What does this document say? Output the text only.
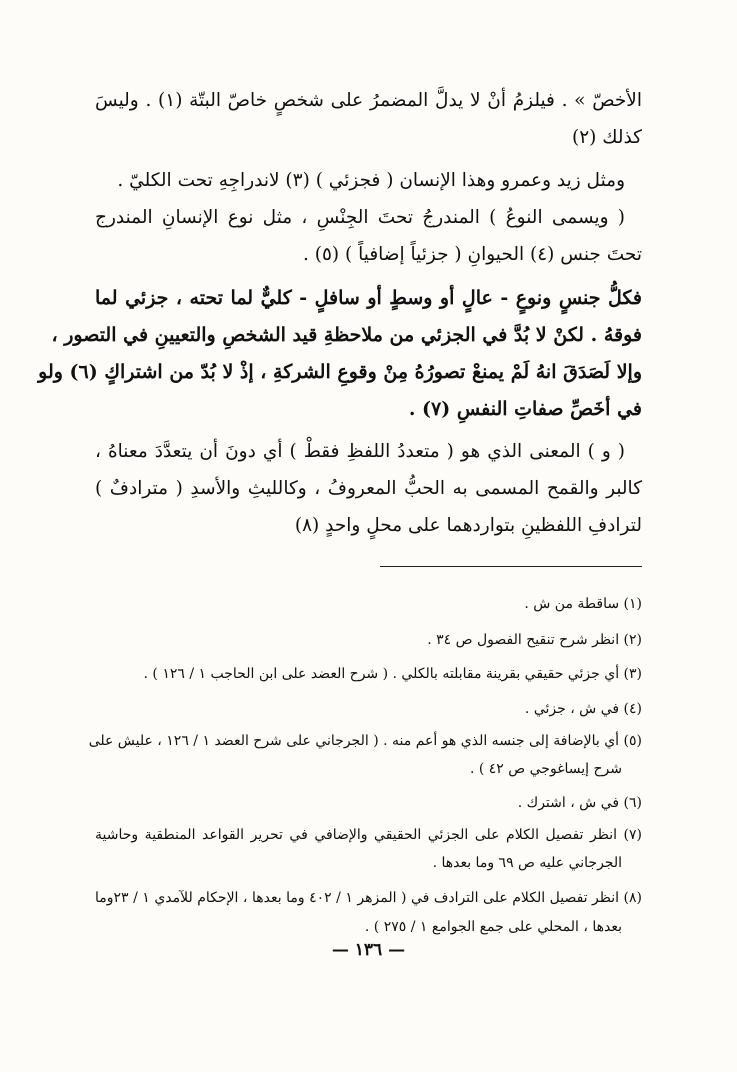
الأخصّ » . فيلزمُ أنْ لا يدلَّ المضمرُ على شخصٍ خاصّ البتّة (١) . وليسَ
كذلك (٢)
ومثل زيد وعمرو وهذا الإنسان ( فجزئي ) (٣) لاندراجِهِ تحت الكليّ .
( ويسمى النوعُ ) المندرجُ تحتَ الجِنْسِ ، مثل نوع الإنسانِ المندرج
تحتَ جنس (٤) الحيوانِ ( جزئياً إضافياً ) (٥) .
فكلُّ جنسٍ ونوعٍ - عالٍ أو وسطٍ أو سافلٍ - كليٌّ لما تحته ، جزئي لما
فوقهُ . لكنْ لا بُدَّ في الجزئي من ملاحظةِ قيد الشخصِ والتعيينِ في التصور ،
وإلا لَصَدَقَ انهُ لَمْ يمنعْ تصورُهُ مِنْ وقوعِ الشركةِ ، إذْ لا بُدّ من اشتراكٍ (٦) ولو
في أخَصِّ صفاتِ النفسِ (٧) .
( و ) المعنى الذي هو ( متعددُ اللفظِ فقطْ ) أي دونَ أن يتعدَّدَ معناهُ ،
كالبر والقمح المسمى به الحبُّ المعروفُ ، وكالليثِ والأسدِ ( مترادفٌ )
لترادفِ اللفظينِ بتواردهما على محلٍ واحدٍ (٨)
(١) ساقطة من ش .
(٢) انظر شرح تنقيح الفصول ص ٣٤ .
(٣) أي جزئي حقيقي بقرينة مقابلته بالكلي . ( شرح العضد على ابن الحاجب ١ / ١٢٦ ) .
(٤) في ش ، جزئي .
(٥) أي بالإضافة إلى جنسه الذي هو أعم منه . ( الجرجاني على شرح العضد ١ / ١٢٦ ، عليش على
شرح إيساغوجي ص ٤٢ ) .
(٦) في ش ، اشترك .
(٧) انظر تفصيل الكلام على الجزئي الحقيقي والإضافي في تحرير القواعد المنطقية وحاشية
الجرجاني عليه ص ٦٩ وما بعدها .
(٨) انظر تفصيل الكلام على الترادف في ( المزهر ١ / ٤٠٢ وما بعدها ، الإحكام للآمدي ١ / ٢٣وما
بعدها ، المحلي على جمع الجوامع ١ / ٢٧٥ ) .
— ١٣٦ —
